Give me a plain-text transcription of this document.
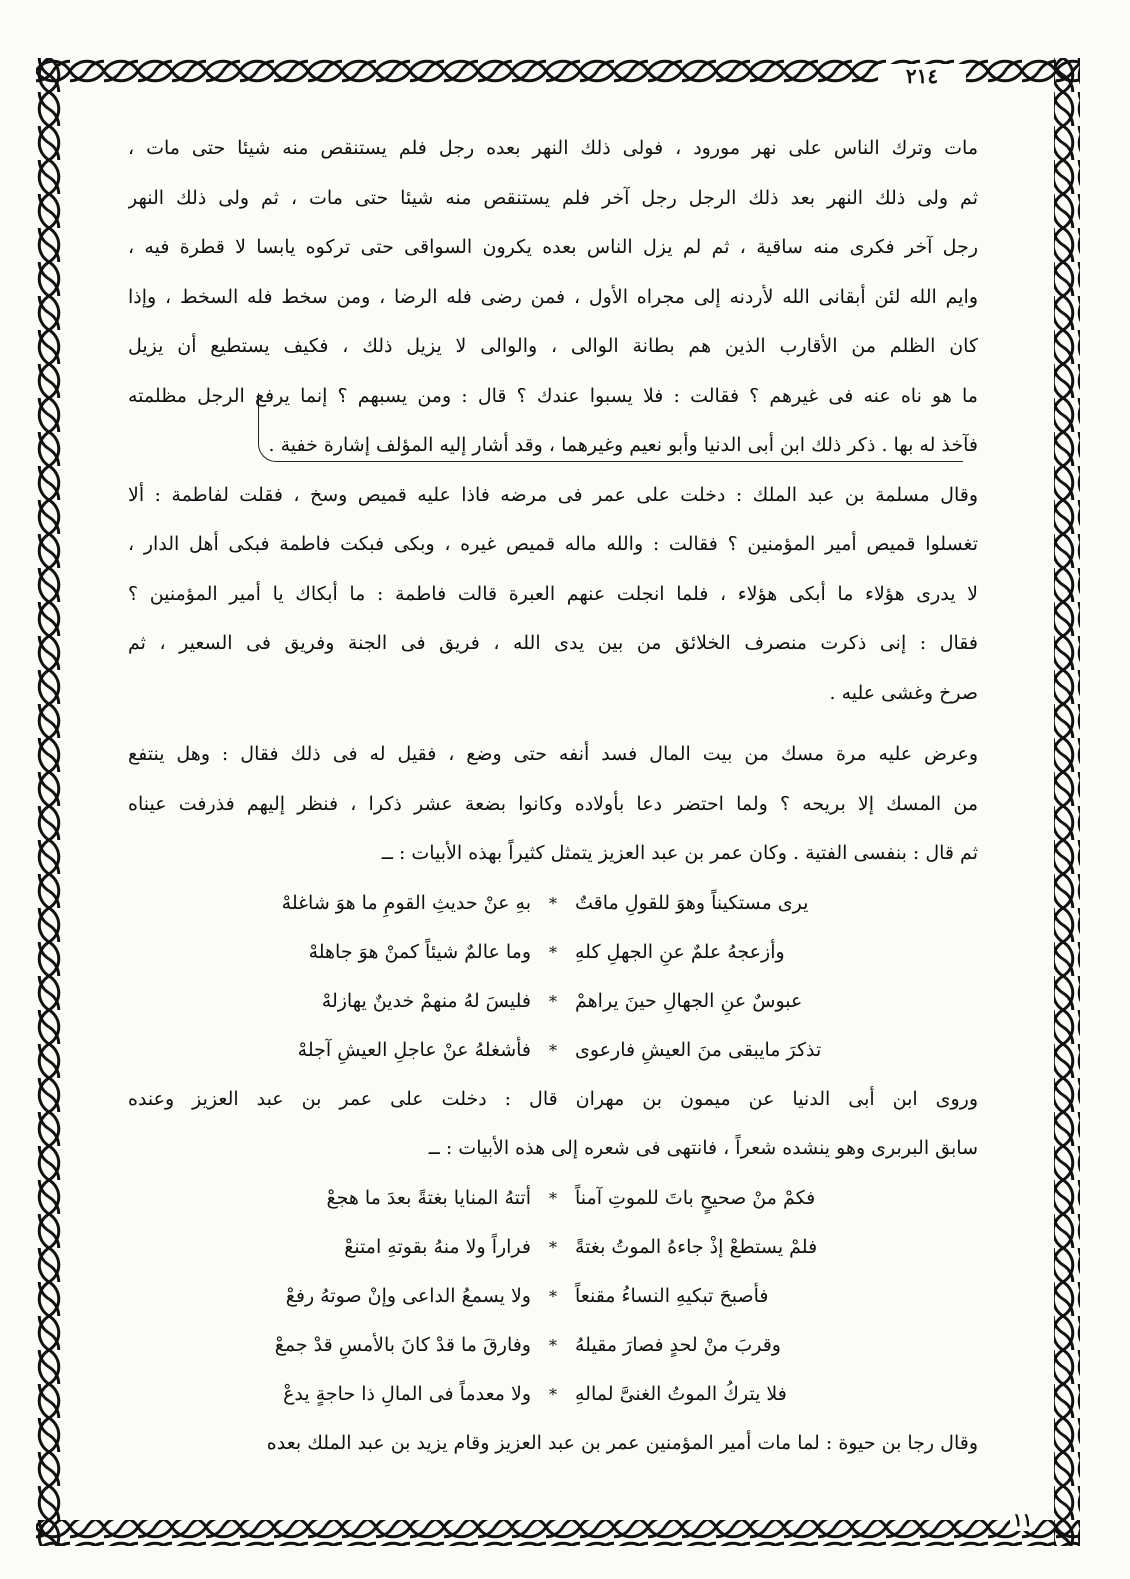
٢١٤
مات وترك الناس على نهر مورود ، فولى ذلك النهر بعده رجل فلم يستنقص منه شيئا حتى مات ،
ثم ولى ذلك النهر بعد ذلك الرجل رجل آخر فلم يستنقص منه شيئا حتى مات ، ثم ولى ذلك النهر
رجل آخر فكرى منه ساقية ، ثم لم يزل الناس بعده يكرون السواقى حتى تركوه يابسا لا قطرة فيه ،
وايم الله لئن أبقانى الله لأردنه إلى مجراه الأول ، فمن رضى فله الرضا ، ومن سخط فله السخط ، وإذا
كان الظلم من الأقارب الذين هم بطانة الوالى ، والوالى لا يزيل ذلك ، فكيف يستطيع أن يزيل
ما هو ناه عنه فى غيرهم ؟ فقالت : فلا يسبوا عندك ؟ قال : ومن يسبهم ؟ إنما يرفع الرجل مظلمته
فآخذ له بها . ذكر ذلك ابن أبى الدنيا وأبو نعيم وغيرهما ، وقد أشار إليه المؤلف إشارة خفية .
وقال مسلمة بن عبد الملك : دخلت على عمر فى مرضه فاذا عليه قميص وسخ ، فقلت لفاطمة : ألا
تغسلوا قميص أمير المؤمنين ؟ فقالت : والله ماله قميص غيره ، وبكى فبكت فاطمة فبكى أهل الدار ،
لا يدرى هؤلاء ما أبكى هؤلاء ، فلما انجلت عنهم العبرة قالت فاطمة : ما أبكاك يا أمير المؤمنين ؟
فقال : إنى ذكرت منصرف الخلائق من بين يدى الله ، فريق فى الجنة وفريق فى السعير ، ثم
صرخ وغشى عليه .
وعرض عليه مرة مسك من بيت المال فسد أنفه حتى وضع ، فقيل له فى ذلك فقال : وهل ينتفع
من المسك إلا بريحه ؟ ولما احتضر دعا بأولاده وكانوا بضعة عشر ذكرا ، فنظر إليهم فذرفت عيناه
ثم قال : بنفسى الفتية . وكان عمر بن عبد العزيز يتمثل كثيراً بهذه الأبيات : ــ
يرى مستكيناً وهوَ للقولِ ماقتٌ
*
بهِ عنْ حديثِ القومِ ما هوَ شاغلهْ
وأزعجهُ علمٌ عنِ الجهلِ كلهِ
*
وما عالمٌ شيئاً كمنْ هوَ جاهلهْ
عبوسٌ عنِ الجهالِ حينَ يراهمْ
*
فليسَ لهُ منهمْ خدينٌ يهازلهْ
تذكرَ مايبقى منَ العيشِ فارعوى
*
فأشغلهُ عنْ عاجلِ العيشِ آجلهْ
وروى ابن أبى الدنيا عن ميمون بن مهران قال : دخلت على عمر بن عبد العزيز وعنده
سابق البربرى وهو ينشده شعراً ، فانتهى فى شعره إلى هذه الأبيات : ــ
فكمْ منْ صحيحٍ باتَ للموتِ آمناً
*
أتتهُ المنايا بغتةً بعدَ ما هجعْ
فلمْ يستطعْ إذْ جاءهُ الموتُ بغتةً
*
فراراً ولا منهُ بقوتهِ امتنعْ
فأصبحَ تبكيهِ النساءُ مقنعاً
*
ولا يسمعُ الداعى وإنْ صوتهُ رفعْ
وقربَ منْ لحدٍ فصارَ مقيلهُ
*
وفارقَ ما قدْ كانَ بالأمسِ قدْ جمعْ
فلا يتركُ الموتُ الغنىَّ لمالهِ
*
ولا معدماً فى المالِ ذا حاجةٍ يدعْ
وقال رجا بن حيوة : لما مات أمير المؤمنين عمر بن عبد العزيز وقام يزيد بن عبد الملك بعده
١١
